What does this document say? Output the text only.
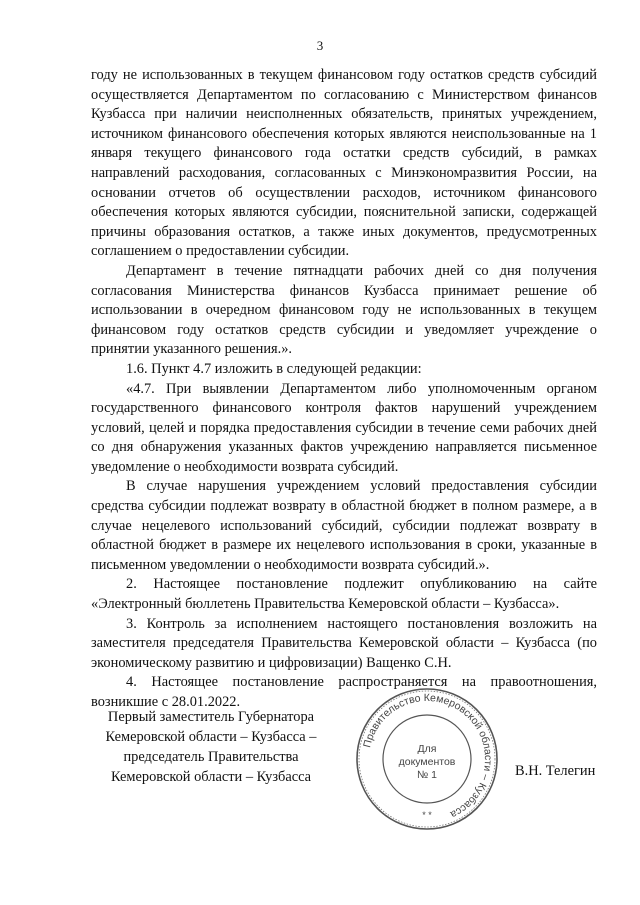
3

году не использованных в текущем финансовом году остатков средств субсидий осуществляется Департаментом по согласованию с Министерством финансов Кузбасса при наличии неисполненных обязательств, принятых учреждением, источником финансового обеспечения которых являются неиспользованные на 1 января текущего финансового года остатки средств субсидий, в рамках направлений расходования, согласованных с Минэкономразвития России, на основании отчетов об осуществлении расходов, источником финансового обеспечения которых являются субсидии, пояснительной записки, содержащей причины образования остатков, а также иных документов, предусмотренных соглашением о предоставлении субсидии.

Департамент в течение пятнадцати рабочих дней со дня получения согласования Министерства финансов Кузбасса принимает решение об использовании в очередном финансовом году не использованных в текущем финансовом году остатков средств субсидии и уведомляет учреждение о принятии указанного решения.».

1.6. Пункт 4.7 изложить в следующей редакции:

«4.7. При выявлении Департаментом либо уполномоченным органом государственного финансового контроля фактов нарушений учреждением условий, целей и порядка предоставления субсидии в течение семи рабочих дней со дня обнаружения указанных фактов учреждению направляется письменное уведомление о необходимости возврата субсидий.

В случае нарушения учреждением условий предоставления субсидии средства субсидии подлежат возврату в областной бюджет в полном размере, а в случае нецелевого использований субсидий, субсидии подлежат возврату в областной бюджет в размере их нецелевого использования в сроки, указанные в письменном уведомлении о необходимости возврата субсидий.».

2. Настоящее постановление подлежит опубликованию на сайте «Электронный бюллетень Правительства Кемеровской области – Кузбасса».

3. Контроль за исполнением настоящего постановления возложить на заместителя председателя Правительства Кемеровской области – Кузбасса (по экономическому развитию и цифровизации) Ващенко С.Н.

4. Настоящее постановление распространяется на правоотношения, возникшие с 28.01.2022.

Первый заместитель Губернатора
Кемеровской области – Кузбасса –
председатель Правительства
Кемеровской области – Кузбасса
Правительство Кемеровской области – Кузбасса
Для
документов
№ 1
* *
В.Н. Телегин
